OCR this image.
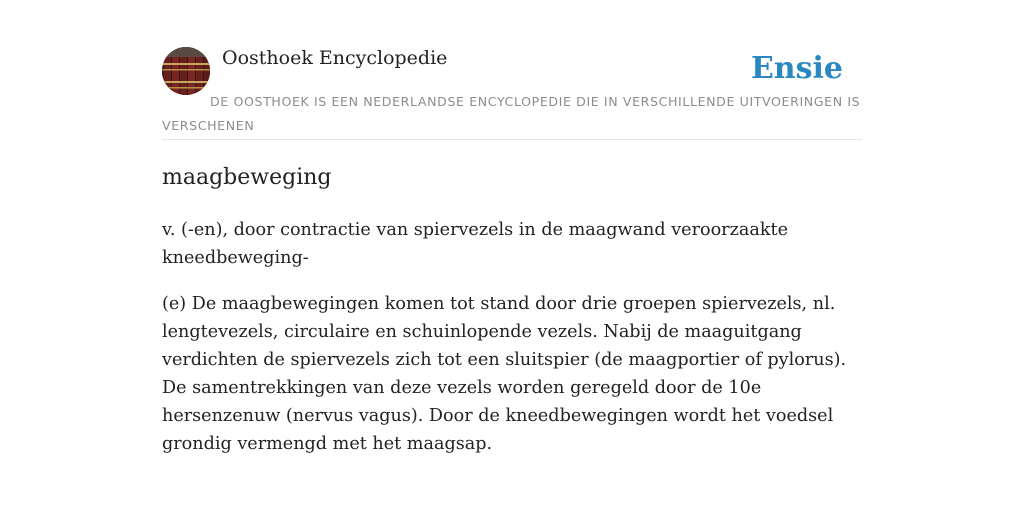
Oosthoek Encyclopedie	Ensie
DE OOSTHOEK IS EEN NEDERLANDSE ENCYCLOPEDIE DIE IN VERSCHILLENDE UITVOERINGEN IS VERSCHENEN
maagbeweging

v. (-en), door contractie van spiervezels in de maagwand veroorzaakte kneedbeweging-

(e) De maagbewegingen komen tot stand door drie groepen spiervezels, nl. lengtevezels, circulaire en schuinlopende vezels. Nabij de maaguitgang verdichten de spiervezels zich tot een sluitspier (de maagportier of pylorus). De samentrekkingen van deze vezels worden geregeld door de 10e hersenzenuw (nervus vagus). Door de kneedbewegingen wordt het voedsel grondig vermengd met het maagsap.
